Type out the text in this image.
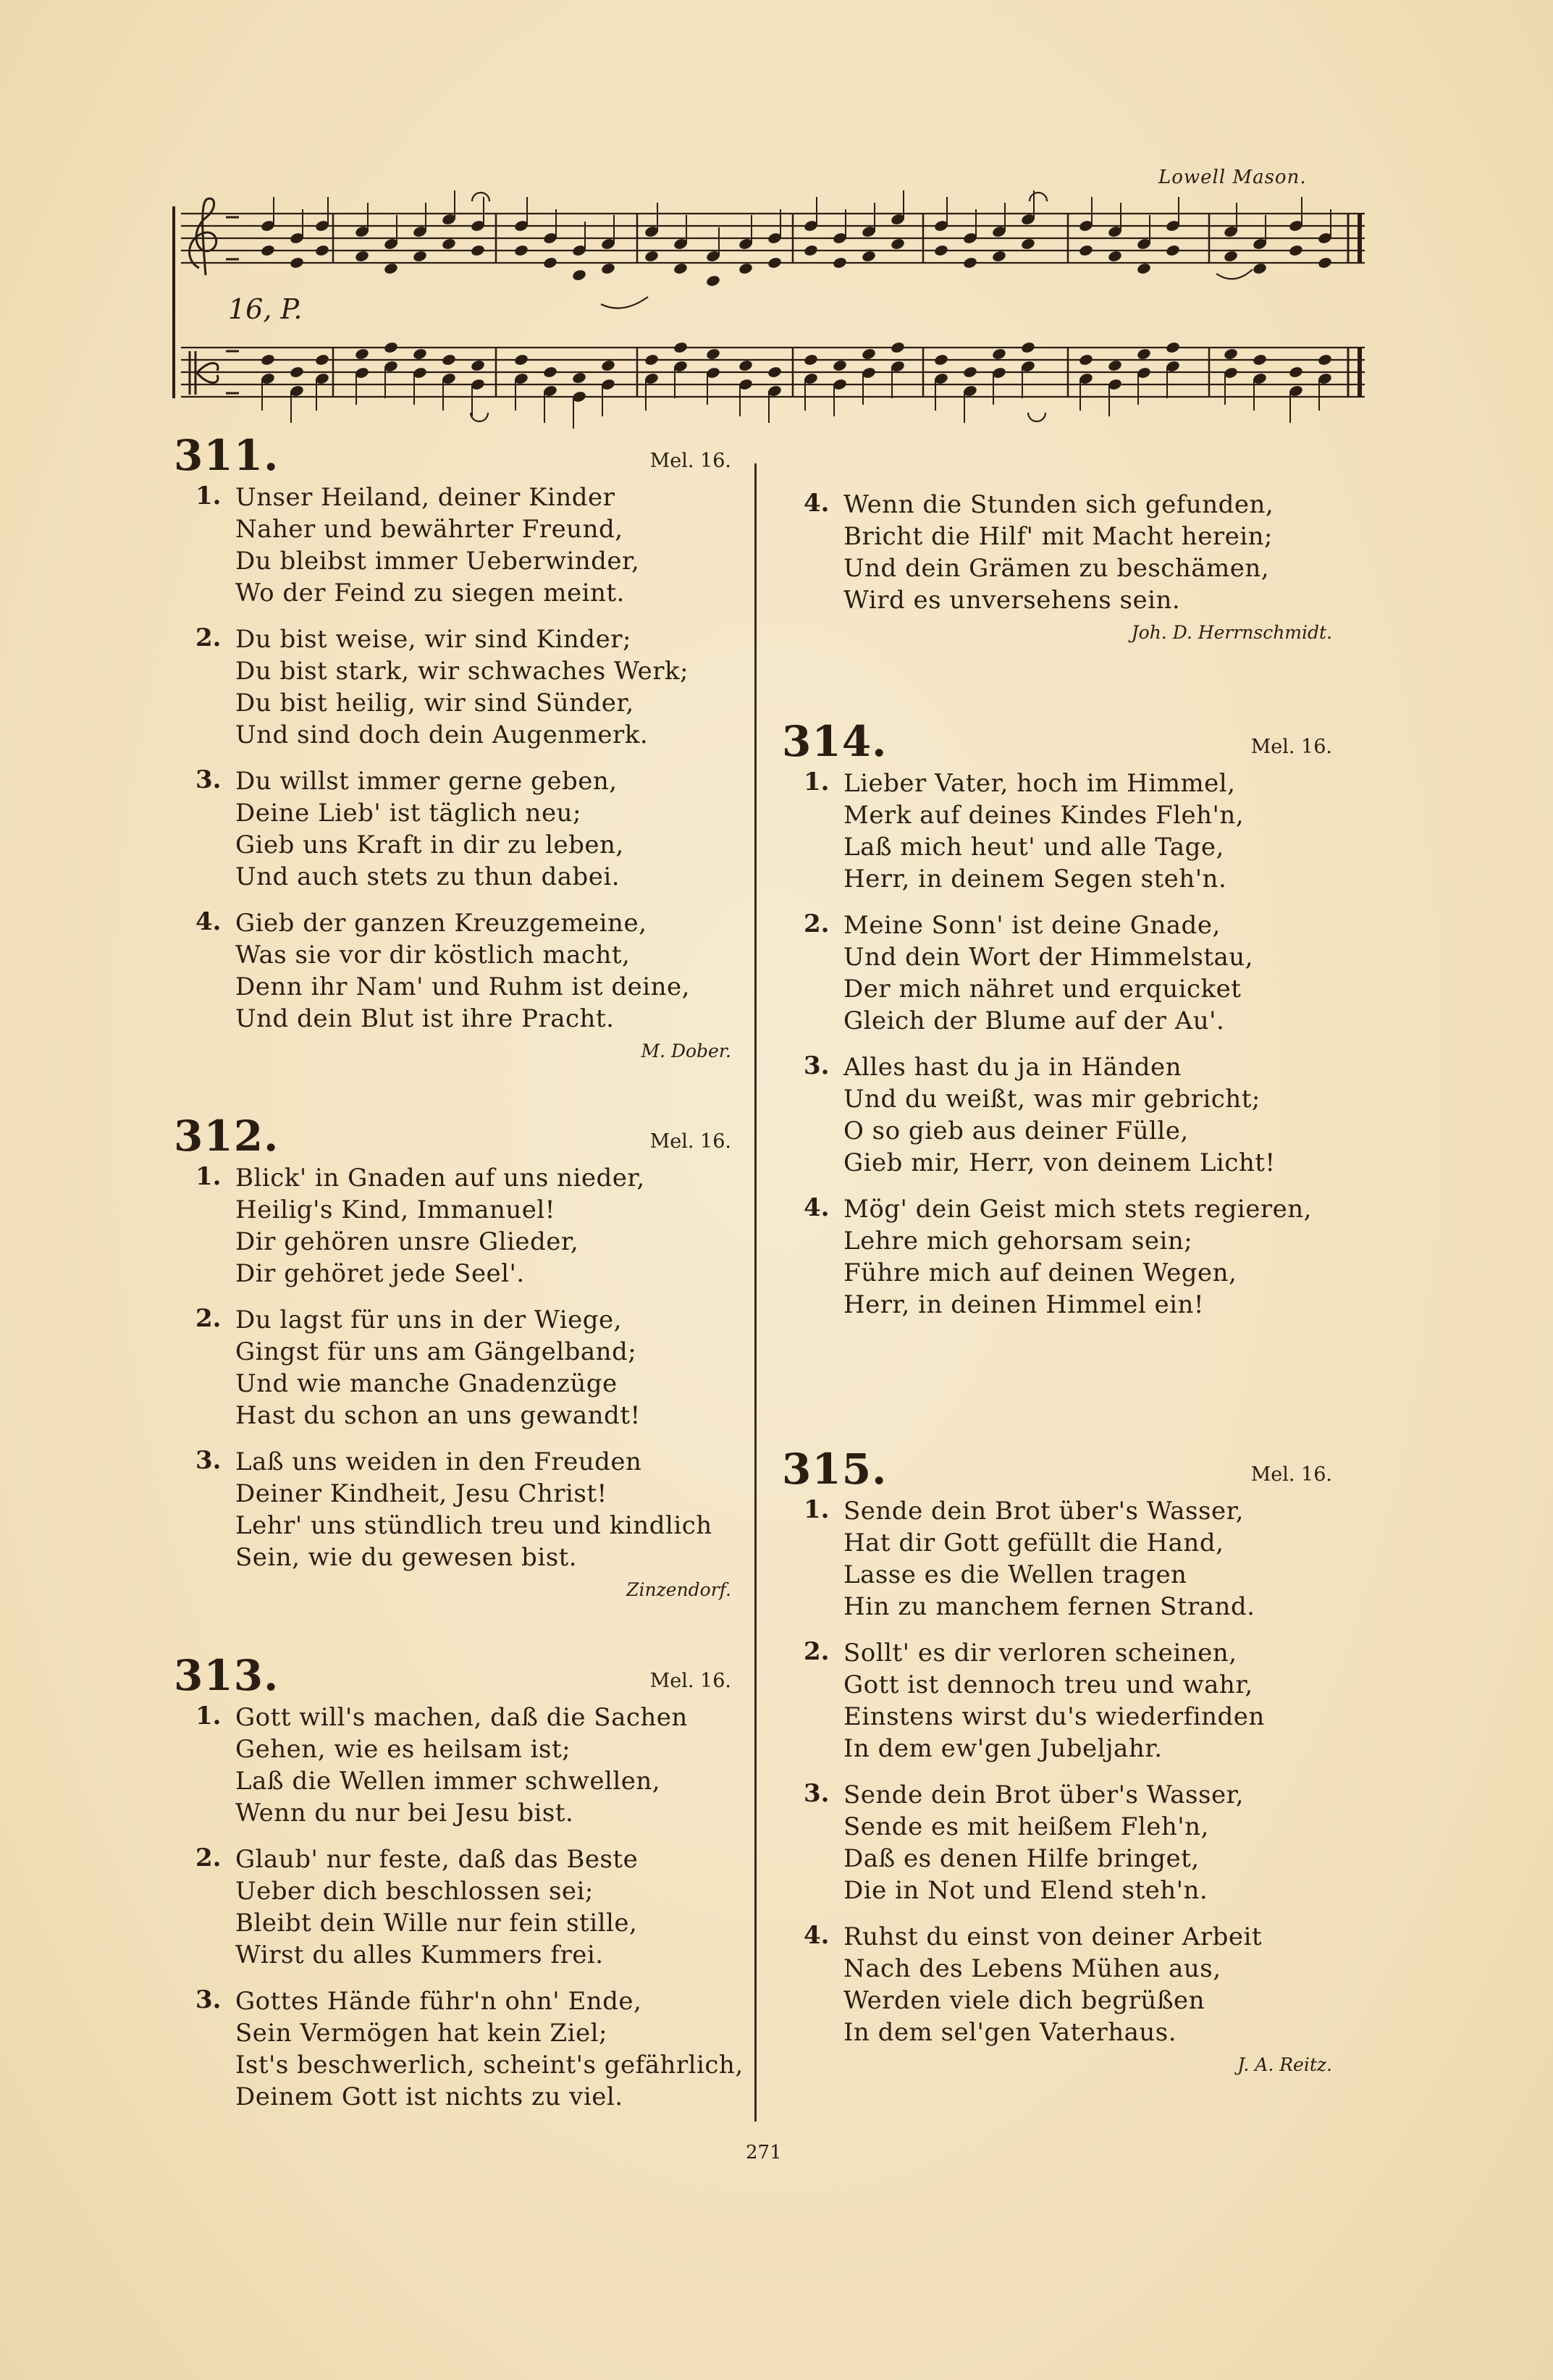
Lowell Mason.
16, P.
311.	Mel. 16.
1. Unser Heiland, deiner Kinder
Naher und bewährter Freund,
Du bleibst immer Ueberwinder,
Wo der Feind zu siegen meint.
2. Du bist weise, wir sind Kinder;
Du bist stark, wir schwaches Werk;
Du bist heilig, wir sind Sünder,
Und sind doch dein Augenmerk.
3. Du willst immer gerne geben,
Deine Lieb' ist täglich neu;
Gieb uns Kraft in dir zu leben,
Und auch stets zu thun dabei.
4. Gieb der ganzen Kreuzgemeine,
Was sie vor dir köstlich macht,
Denn ihr Nam' und Ruhm ist deine,
Und dein Blut ist ihre Pracht.
M. Dober.
312.	Mel. 16.
1. Blick' in Gnaden auf uns nieder,
Heilig's Kind, Immanuel!
Dir gehören unsre Glieder,
Dir gehöret jede Seel'.
2. Du lagst für uns in der Wiege,
Gingst für uns am Gängelband;
Und wie manche Gnadenzüge
Hast du schon an uns gewandt!
3. Laß uns weiden in den Freuden
Deiner Kindheit, Jesu Christ!
Lehr' uns stündlich treu und kindlich
Sein, wie du gewesen bist.
Zinzendorf.
313.	Mel. 16.
1. Gott will's machen, daß die Sachen
Gehen, wie es heilsam ist;
Laß die Wellen immer schwellen,
Wenn du nur bei Jesu bist.
2. Glaub' nur feste, daß das Beste
Ueber dich beschlossen sei;
Bleibt dein Wille nur fein stille,
Wirst du alles Kummers frei.
3. Gottes Hände führ'n ohn' Ende,
Sein Vermögen hat kein Ziel;
Ist's beschwerlich, scheint's gefährlich,
Deinem Gott ist nichts zu viel.
4. Wenn die Stunden sich gefunden,
Bricht die Hilf' mit Macht herein;
Und dein Grämen zu beschämen,
Wird es unversehens sein.
Joh. D. Herrnschmidt.
314.	Mel. 16.
1. Lieber Vater, hoch im Himmel,
Merk auf deines Kindes Fleh'n,
Laß mich heut' und alle Tage,
Herr, in deinem Segen steh'n.
2. Meine Sonn' ist deine Gnade,
Und dein Wort der Himmelstau,
Der mich nähret und erquicket
Gleich der Blume auf der Au'.
3. Alles hast du ja in Händen
Und du weißt, was mir gebricht;
O so gieb aus deiner Fülle,
Gieb mir, Herr, von deinem Licht!
4. Mög' dein Geist mich stets regieren,
Lehre mich gehorsam sein;
Führe mich auf deinen Wegen,
Herr, in deinen Himmel ein!
315.	Mel. 16.
1. Sende dein Brot über's Wasser,
Hat dir Gott gefüllt die Hand,
Lasse es die Wellen tragen
Hin zu manchem fernen Strand.
2. Sollt' es dir verloren scheinen,
Gott ist dennoch treu und wahr,
Einstens wirst du's wiederfinden
In dem ew'gen Jubeljahr.
3. Sende dein Brot über's Wasser,
Sende es mit heißem Fleh'n,
Daß es denen Hilfe bringet,
Die in Not und Elend steh'n.
4. Ruhst du einst von deiner Arbeit
Nach des Lebens Mühen aus,
Werden viele dich begrüßen
In dem sel'gen Vaterhaus.
J. A. Reitz.
271
